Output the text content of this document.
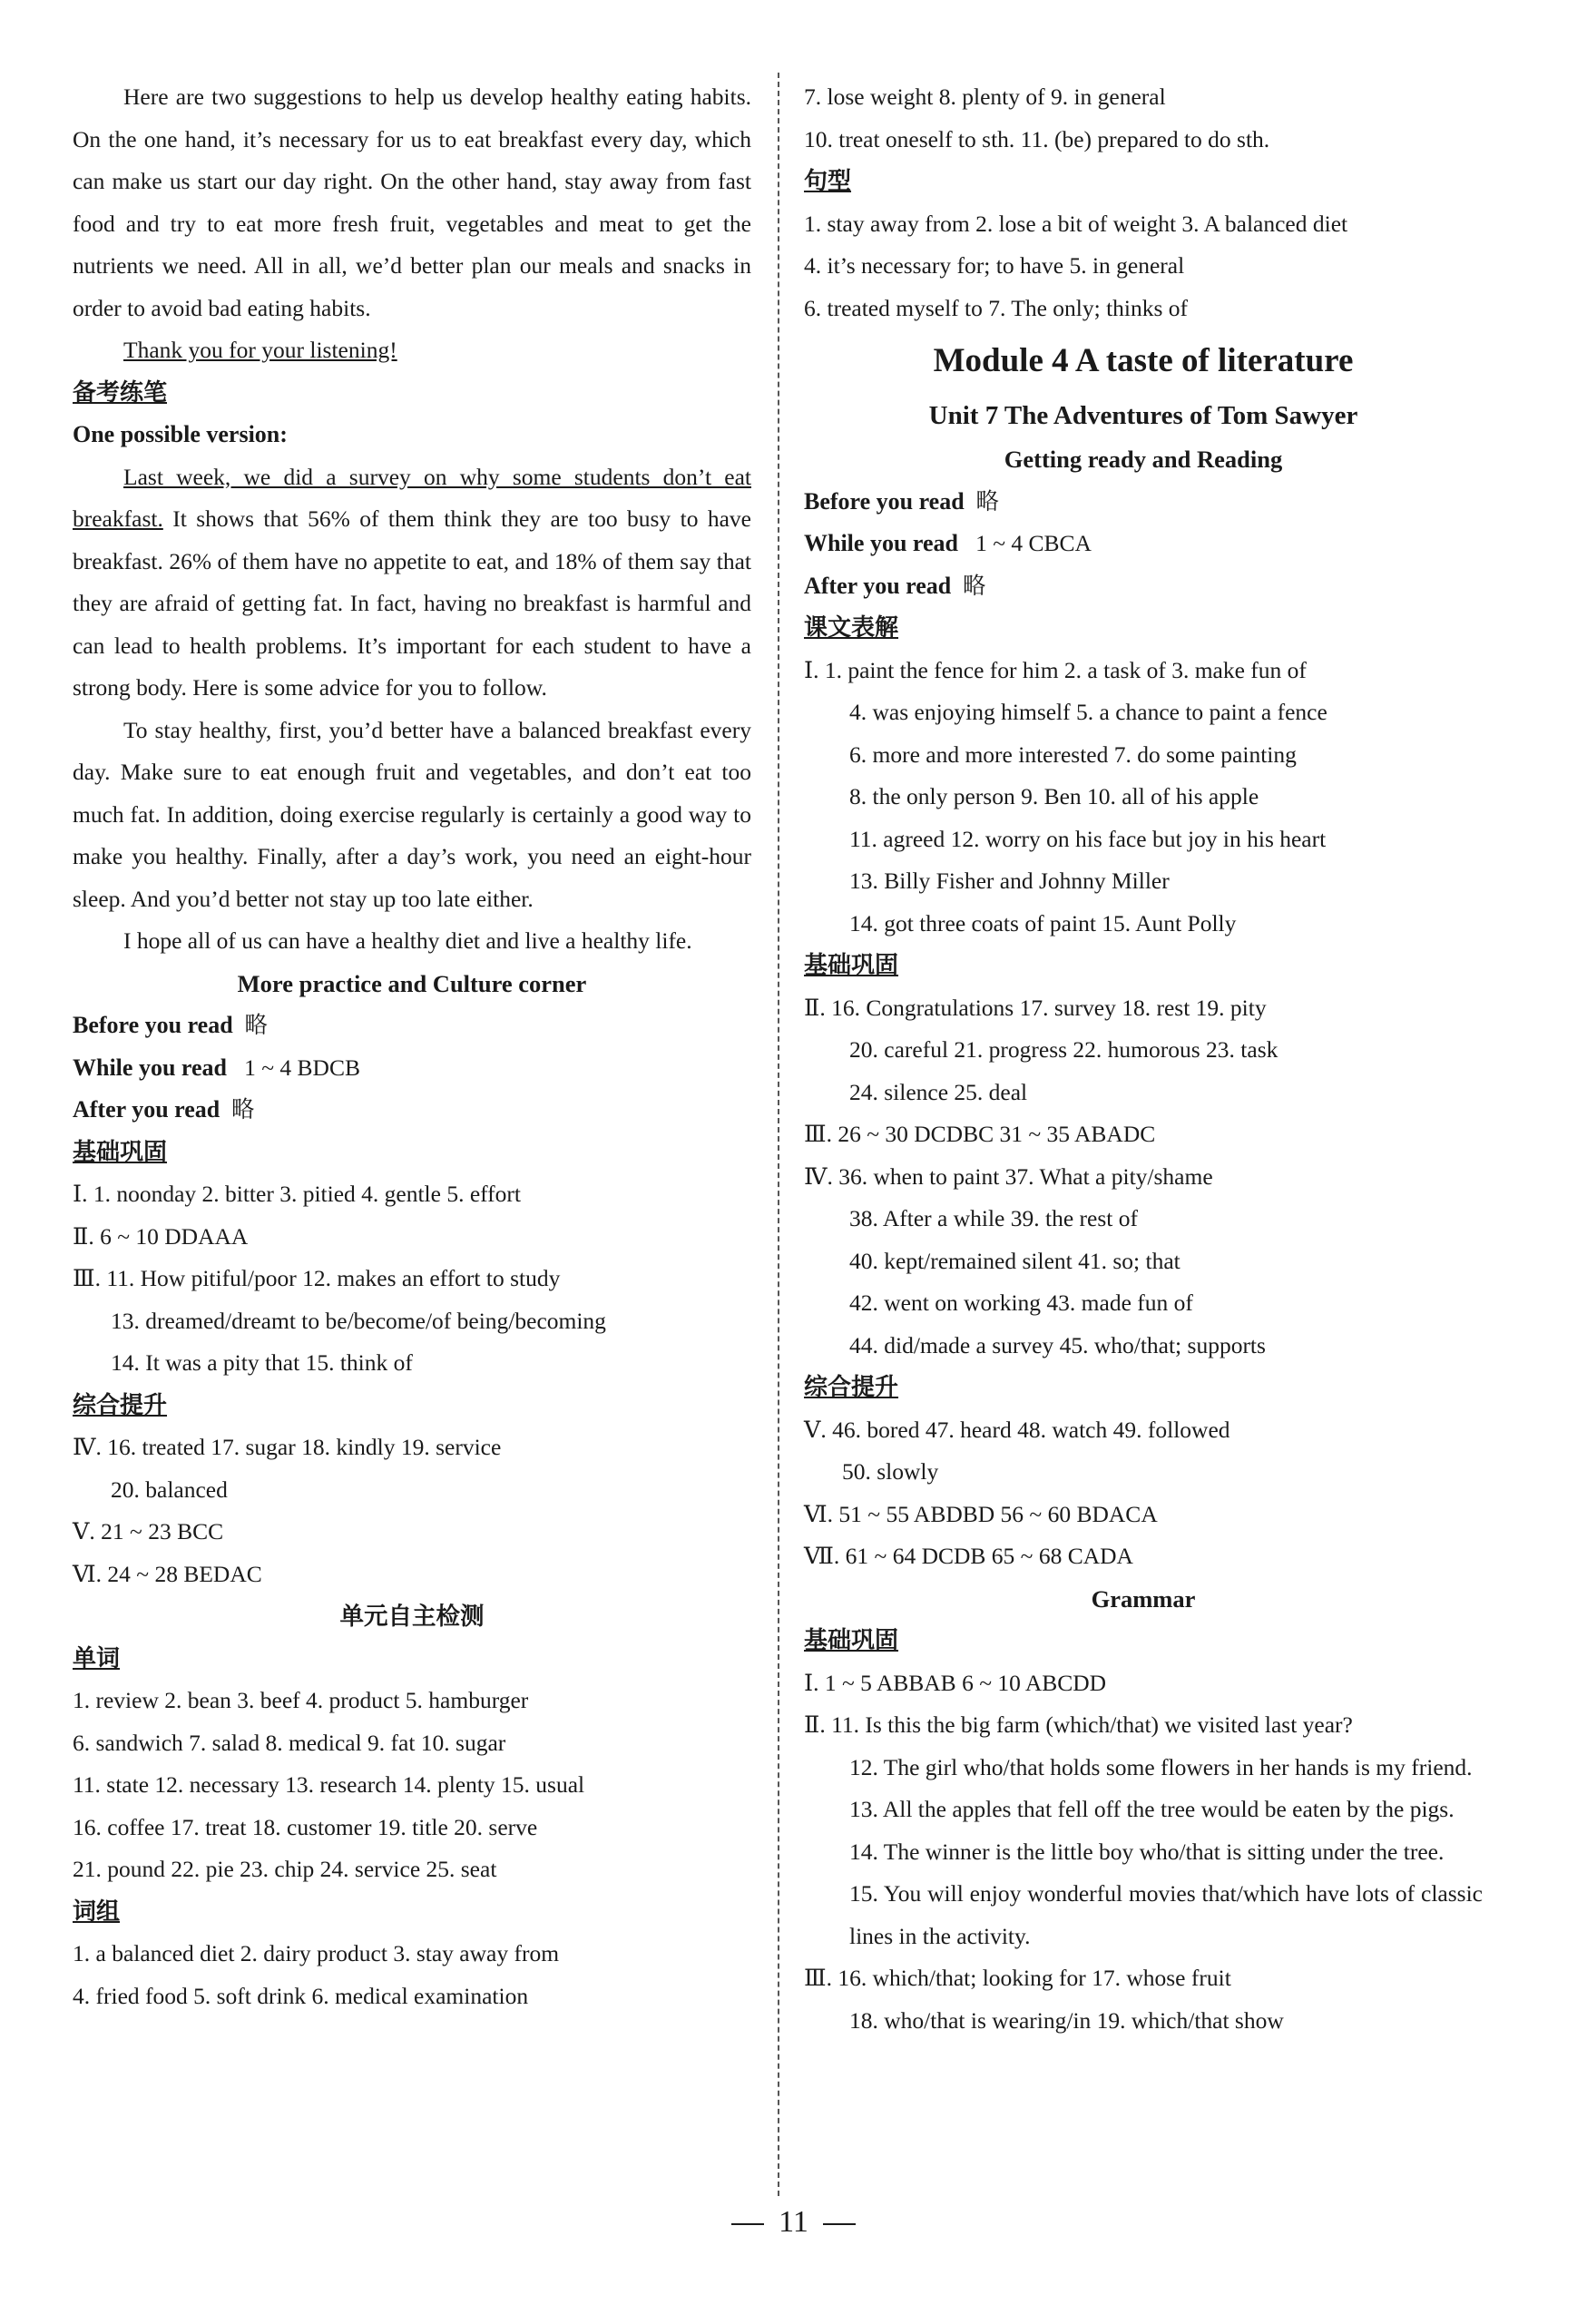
Here are two suggestions to help us develop healthy eating habits. On the one hand, it’s necessary for us to eat breakfast every day, which can make us start our day right. On the other hand, stay away from fast food and try to eat more fresh fruit, vegetables and meat to get the nutrients we need. All in all, we’d better plan our meals and snacks in order to avoid bad eating habits.

Thank you for your listening!

备考练笔

One possible version:

Last week, we did a survey on why some students don’t eat breakfast. It shows that 56% of them think they are too busy to have breakfast. 26% of them have no appetite to eat, and 18% of them say that they are afraid of getting fat. In fact, having no breakfast is harmful and can lead to health problems. It’s important for each student to have a strong body. Here is some advice for you to follow.

To stay healthy, first, you’d better have a balanced breakfast every day. Make sure to eat enough fruit and vegetables, and don’t eat too much fat. In addition, doing exercise regularly is certainly a good way to make you healthy. Finally, after a day’s work, you need an eight-hour sleep. And you’d better not stay up too late either.

I hope all of us can have a healthy diet and live a healthy life.

More practice and Culture corner

Before you read 略

While you read 1 ~ 4 BDCB

After you read 略

基础巩固

Ⅰ. 1. noonday 2. bitter 3. pitied 4. gentle 5. effort

Ⅱ. 6 ~ 10 DDAAA

Ⅲ. 11. How pitiful/poor 12. makes an effort to study

13. dreamed/dreamt to be/become/of being/becoming

14. It was a pity that 15. think of

综合提升

Ⅳ. 16. treated 17. sugar 18. kindly 19. service

20. balanced

Ⅴ. 21 ~ 23 BCC

Ⅵ. 24 ~ 28 BEDAC

单元自主检测

单词

1. review 2. bean 3. beef 4. product 5. hamburger

6. sandwich 7. salad 8. medical 9. fat 10. sugar

11. state 12. necessary 13. research 14. plenty 15. usual

16. coffee 17. treat 18. customer 19. title 20. serve

21. pound 22. pie 23. chip 24. service 25. seat

词组

1. a balanced diet 2. dairy product 3. stay away from

4. fried food 5. soft drink 6. medical examination

7. lose weight 8. plenty of 9. in general

10. treat oneself to sth. 11. (be) prepared to do sth.

句型

1. stay away from 2. lose a bit of weight 3. A balanced diet

4. it’s necessary for; to have 5. in general

6. treated myself to 7. The only; thinks of

Module 4 A taste of literature

Unit 7 The Adventures of Tom Sawyer

Getting ready and Reading

Before you read 略

While you read 1 ~ 4 CBCA

After you read 略

课文表解

Ⅰ. 1. paint the fence for him 2. a task of 3. make fun of

4. was enjoying himself 5. a chance to paint a fence

6. more and more interested 7. do some painting

8. the only person 9. Ben 10. all of his apple

11. agreed 12. worry on his face but joy in his heart

13. Billy Fisher and Johnny Miller

14. got three coats of paint 15. Aunt Polly

基础巩固

Ⅱ. 16. Congratulations 17. survey 18. rest 19. pity

20. careful 21. progress 22. humorous 23. task

24. silence 25. deal

Ⅲ. 26 ~ 30 DCDBC 31 ~ 35 ABADC

Ⅳ. 36. when to paint 37. What a pity/shame

38. After a while 39. the rest of

40. kept/remained silent 41. so; that

42. went on working 43. made fun of

44. did/made a survey 45. who/that; supports

综合提升

Ⅴ. 46. bored 47. heard 48. watch 49. followed

50. slowly

Ⅵ. 51 ~ 55 ABDBD 56 ~ 60 BDACA

Ⅶ. 61 ~ 64 DCDB 65 ~ 68 CADA

Grammar

基础巩固

Ⅰ. 1 ~ 5 ABBAB 6 ~ 10 ABCDD

Ⅱ. 11. Is this the big farm (which/that) we visited last year?

12. The girl who/that holds some flowers in her hands is my friend.

13. All the apples that fell off the tree would be eaten by the pigs.

14. The winner is the little boy who/that is sitting under the tree.

15. You will enjoy wonderful movies that/which have lots of classic lines in the activity.

Ⅲ. 16. which/that; looking for 17. whose fruit

18. who/that is wearing/in 19. which/that show

11
